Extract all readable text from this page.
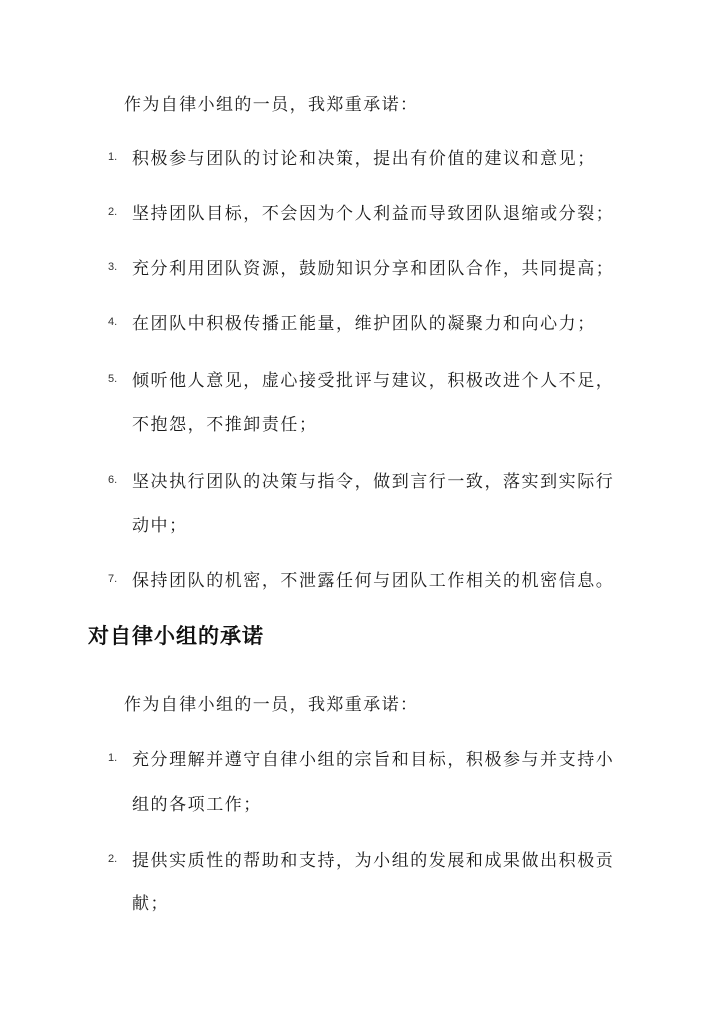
作为自律小组的一员，我郑重承诺：
1. 积极参与团队的讨论和决策，提出有价值的建议和意见；
2. 坚持团队目标，不会因为个人利益而导致团队退缩或分裂；
3. 充分利用团队资源，鼓励知识分享和团队合作，共同提高；
4. 在团队中积极传播正能量，维护团队的凝聚力和向心力；
5. 倾听他人意见，虚心接受批评与建议，积极改进个人不足，
不抱怨，不推卸责任；
6. 坚决执行团队的决策与指令，做到言行一致，落实到实际行
动中；
7. 保持团队的机密，不泄露任何与团队工作相关的机密信息。
对自律小组的承诺
作为自律小组的一员，我郑重承诺：
1. 充分理解并遵守自律小组的宗旨和目标，积极参与并支持小
组的各项工作；
2. 提供实质性的帮助和支持，为小组的发展和成果做出积极贡
献；
